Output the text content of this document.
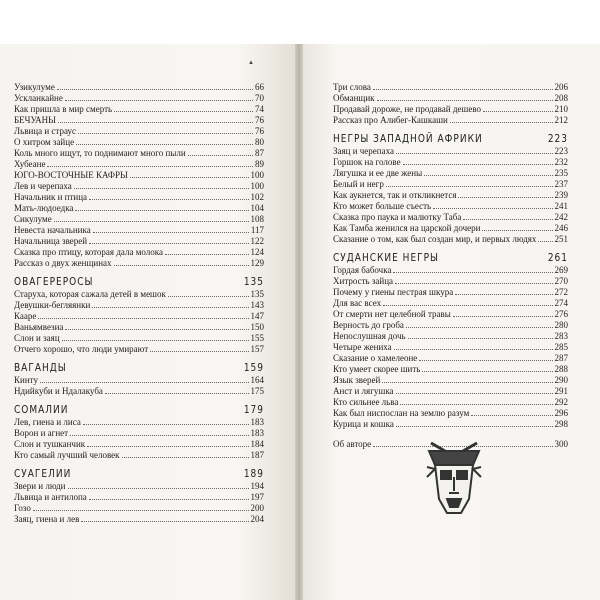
▲
Узикулуме	66
Ускланкайне	70
Как пришла в мир смерть	74
БЕЧУАНЫ	76
Львица и страус	76
О хитром зайце	80
Коль много ищут, то поднимают много пыли	87
Хубеане	89
ЮГО-ВОСТОЧНЫЕ КАФРЫ	100
Лев и черепаха	100
Начальник и птица	102
Мать-людоедка	104
Сикулуме	108
Невеста начальника	117
Начальница зверей	122
Сказка про птицу, которая дала молока	124
Рассказ о двух женщинах	129
ОВАГЕРЕРОСЫ	135
Старуха, которая сажала детей в мешок	135
Девушки-бегляянки	143
Кааре	147
Ваньямвезиа	150
Слон и заяц	155
Отчего хорошо, что люди умирают	157
ВАГАНДЫ	159
Кинту	164
Ндийкуби и Ндалакуба	175
СОМАЛИИ	179
Лев, гиена и лиса	183
Ворон и агнет	183
Слон и тушканчик	184
Кто самый лучший человек	187
СУАГЕЛИИ	189
Звери и люди	194
Львица и антилопа	197
Гозо	200
Заяц, гиена и лев	204
Три слова	206
Обманщик	208
Продавай дороже, не продавай дешево	210
Рассказ про Алибег-Кашкаши	212
НЕГРЫ ЗАПАДНОЙ АФРИКИ	223
Заяц и черепаха	223
Горшок на голове	232
Лягушка и ее две жены	235
Белый и негр	237
Как аукнется, так и откликнется	239
Кто может больше съесть	241
Сказка про паука и малютку Таба	242
Как Тамба женился на царской дочери	246
Сказание о том, как был создан мир, и первых людях 251
СУДАНСКИЕ НЕГРЫ	261
Гордая бабочка	269
Хитрость зайца	270
Почему у гиены пестрая шкура	272
Для вас всех	274
От смерти нет целебной травы	276
Верность до гроба	280
Непослушная дочь	283
Четыре жениха	285
Сказание о хамелеоне	287
Кто умеет скорее шить	288
Язык зверей	290
Анст и лягушка	291
Кто сильнее льва	292
Как был ниспослан на землю разум	296
Курица и кошка	298
Об авторе	300
